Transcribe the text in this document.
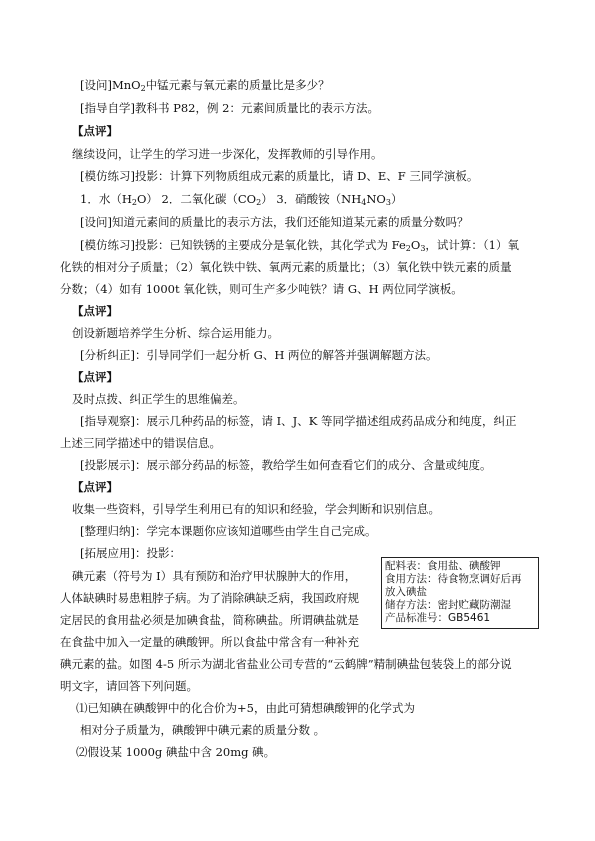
[设问]MnO$_2$中锰元素与氧元素的质量比是多少？
[指导自学]教科书 P82，例 2：元素间质量比的表示方法。
【点评】
继续设问，让学生的学习进一步深化，发挥教师的引导作用。
[模仿练习]投影：计算下列物质组成元素的质量比，请 D、E、F 三同学演板。
1．水$(H_2O)$ 2．二氧化碳$(CO_2)$ 3．硝酸铵$(NH_4NO_3)$
[设问]知道元素间的质量比的表示方法，我们还能知道某元素的质量分数吗？
[模仿练习]投影：已知铁锈的主要成分是氧化铁，其化学式为 $Fe_2O_3$，试计算：（1）氧
化铁的相对分子质量；（2）氧化铁中铁、氧两元素的质量比；（3）氧化铁中铁元素的质量
分数；（4）如有 1000t 氧化铁，则可生产多少吨铁？请 G、H 两位同学演板。
【点评】
创设新题培养学生分析、综合运用能力。
[分析纠正]：引导同学们一起分析 G、H 两位的解答并强调解题方法。
【点评】
及时点拨、纠正学生的思维偏差。
[指导观察]：展示几种药品的标签，请 I、J、K 等同学描述组成药品成分和纯度，纠正
上述三同学描述中的错误信息。
[投影展示]：展示部分药品的标签，教给学生如何查看它们的成分、含量或纯度。
【点评】
收集一些资料，引导学生利用已有的知识和经验，学会判断和识别信息。
[整理归纳]：学完本课题你应该知道哪些由学生自己完成。
[拓展应用]：投影：
碘元素（符号为 I）具有预防和治疗甲状腺肿大的作用，
人体缺碘时易患粗脖子病。为了消除碘缺乏病，我国政府规
定居民的食用盐必须是加碘食盐，简称碘盐。所谓碘盐就是
在食盐中加入一定量的碘酸钾。所以食盐中常含有一种补充
碘元素的盐。如图 4-5 所示为湖北省盐业公司专营的“云鹤牌”精制碘盐包装袋上的部分说
明文字，请回答下列问题。
配料表：食用盐、碘酸钾
食用方法：待食物烹调好后再
放入碘盐
储存方法：密封贮藏防潮湿
产品标准号：GB5461
⑴已知碘在碘酸钾中的化合价为+5，由此可猜想碘酸钾的化学式为
相对分子质量为，碘酸钾中碘元素的质量分数 。
⑵假设某 1000g 碘盐中含 20mg 碘。
